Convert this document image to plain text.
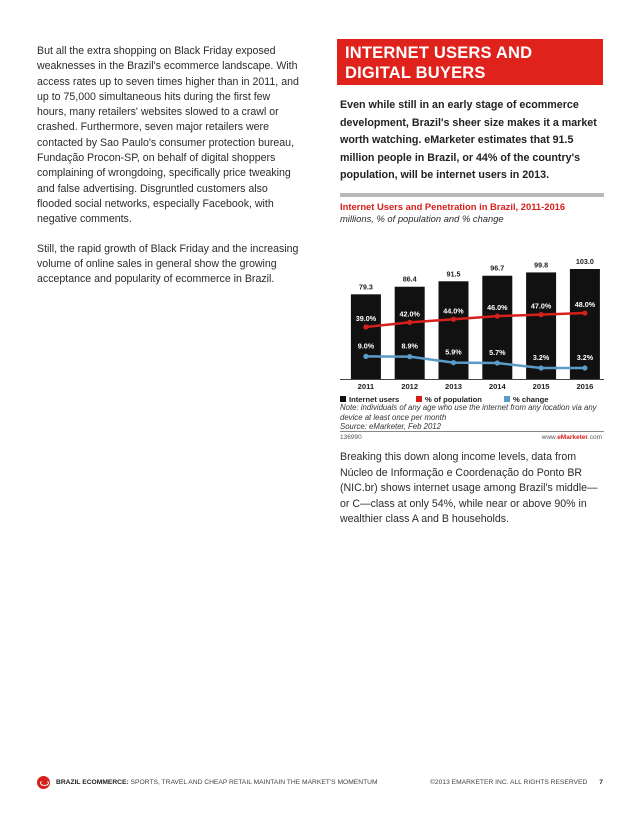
But all the extra shopping on Black Friday exposed weaknesses in the Brazil's ecommerce landscape. With access rates up to seven times higher than in 2011, and up to 75,000 simultaneous hits during the first few hours, many retailers' websites slowed to a crawl or crashed. Furthermore, seven major retailers were contacted by Sao Paulo's consumer protection bureau, Fundação Procon-SP, on behalf of digital shoppers complaining of wrongdoing, specifically price tweaking and false advertising. Disgruntled customers also flooded social networks, especially Facebook, with negative comments.

Still, the rapid growth of Black Friday and the increasing volume of online sales in general show the growing acceptance and popularity of ecommerce in Brazil.

INTERNET USERS AND
DIGITAL BUYERS
Even while still in an early stage of ecommerce development, Brazil's sheer size makes it a market worth watching. eMarketer estimates that 91.5 million people in Brazil, or 44% of the country's population, will be internet users in 2013.
Internet Users and Penetration in Brazil, 2011-2016
millions, % of population and % change
79.3
86.4
91.5
96.7	99.8	103.0
39.0%
42.0%	44.0%	46.0%	47.0%	48.0%
9.0%	8.9%
5.9%	5.7%
3.2%	3.2%
2011	2012	2013	2014	2015	2016
Internet users	% of population	% change
Note: individuals of any age who use the internet from any location via any device at least once per month
Source: eMarketer, Feb 2012
136990	www.eMarketer.com
Breaking this down along income levels, data from Núcleo de Informação e Coordenação do Ponto BR (NIC.br) shows internet usage among Brazil's middle—or C—class at only 54%, while near or above 90% in wealthier class A and B households.
BRAZIL ECOMMERCE: SPORTS, TRAVEL AND CHEAP RETAIL MAINTAIN THE MARKET'S MOMENTUM	©2013 EMARKETER INC. ALL RIGHTS RESERVED 7
